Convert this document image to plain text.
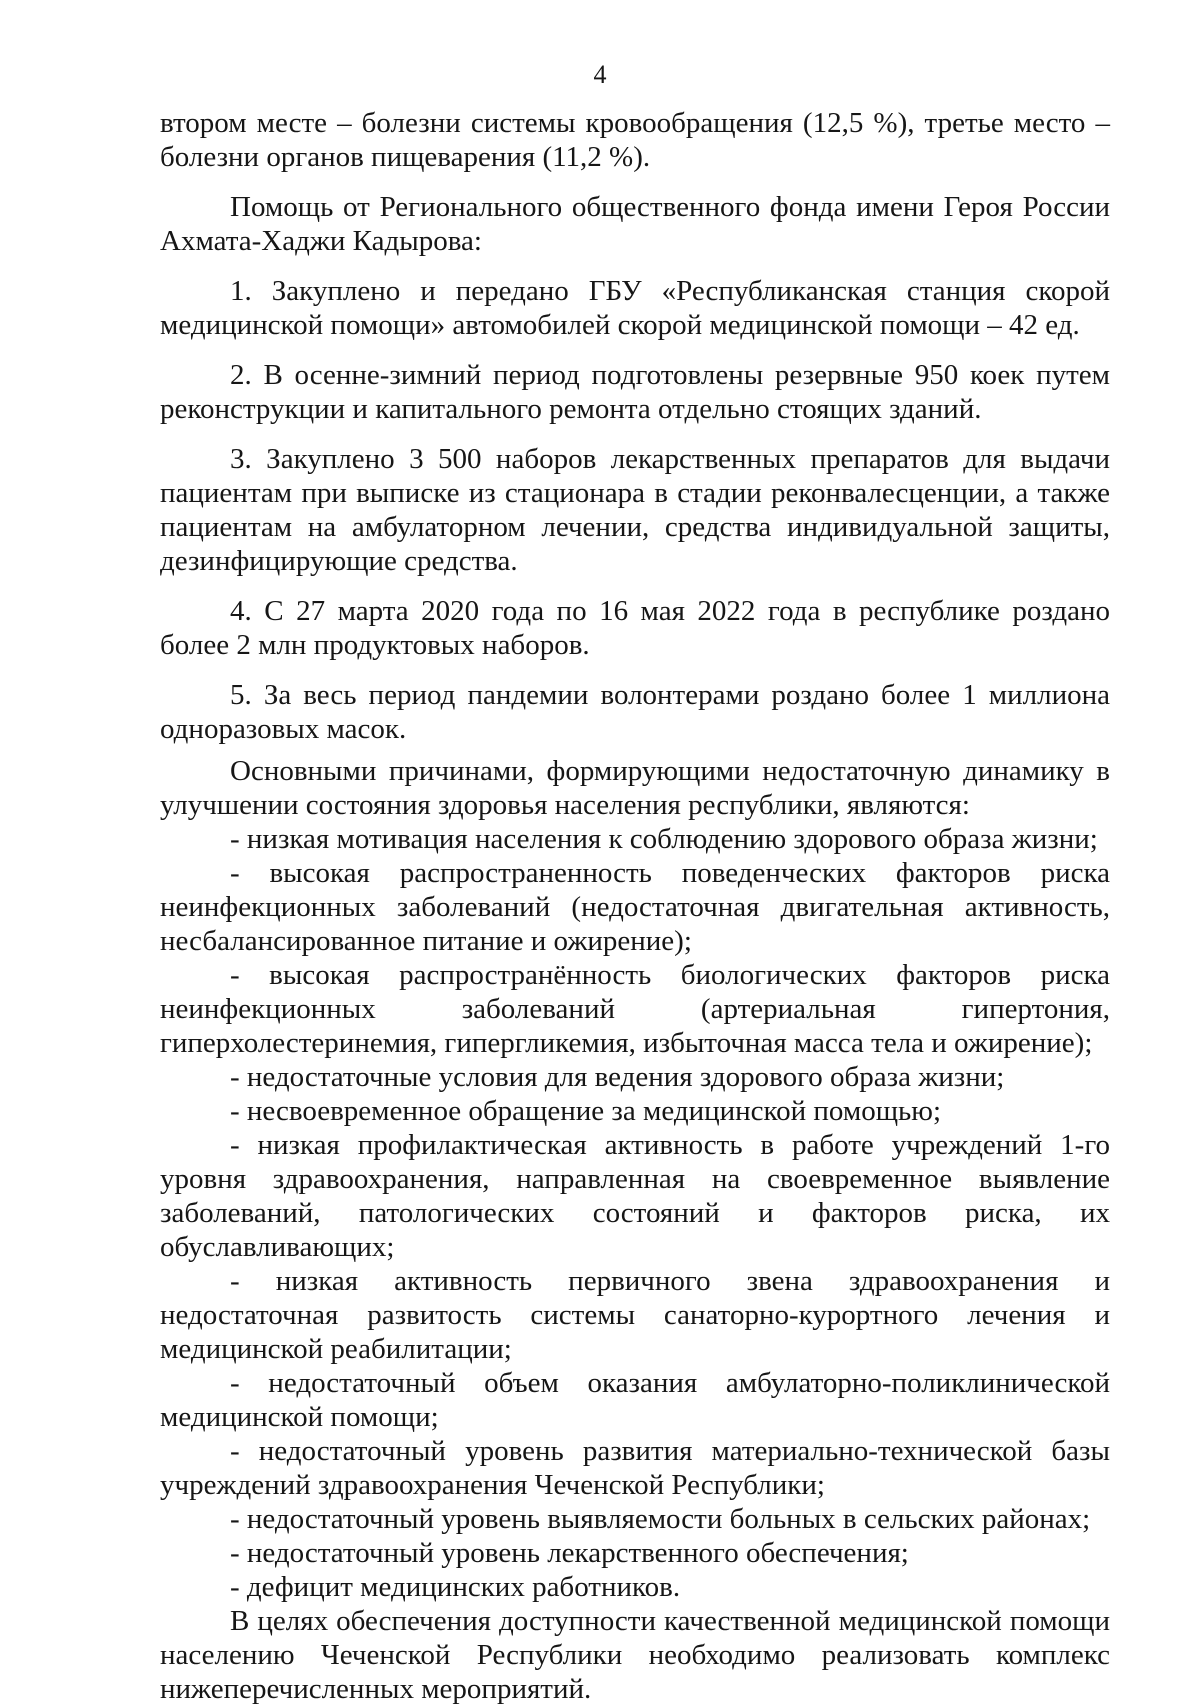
4

втором месте – болезни системы кровообращения (12,5 %), третье место – болезни органов пищеварения (11,2 %).

Помощь от Регионального общественного фонда имени Героя России Ахмата-Хаджи Кадырова:

1. Закуплено и передано ГБУ «Республиканская станция скорой медицинской помощи» автомобилей скорой медицинской помощи – 42 ед.

2. В осенне-зимний период подготовлены резервные 950 коек путем реконструкции и капитального ремонта отдельно стоящих зданий.

3. Закуплено 3 500 наборов лекарственных препаратов для выдачи пациентам при выписке из стационара в стадии реконвалесценции, а также пациентам на амбулаторном лечении, средства индивидуальной защиты, дезинфицирующие средства.

4. С 27 марта 2020 года по 16 мая 2022 года в республике роздано более 2 млн продуктовых наборов.

5. За весь период пандемии волонтерами роздано более 1 миллиона одноразовых масок.

Основными причинами, формирующими недостаточную динамику в улучшении состояния здоровья населения республики, являются:

- низкая мотивация населения к соблюдению здорового образа жизни;

- высокая распространенность поведенческих факторов риска неинфекционных заболеваний (недостаточная двигательная активность, несбалансированное питание и ожирение);

- высокая распространённость биологических факторов риска неинфекционных заболеваний (артериальная гипертония, гиперхолестеринемия, гипергликемия, избыточная масса тела и ожирение);

- недостаточные условия для ведения здорового образа жизни;

- несвоевременное обращение за медицинской помощью;

- низкая профилактическая активность в работе учреждений 1-го уровня здравоохранения, направленная на своевременное выявление заболеваний, патологических состояний и факторов риска, их обуславливающих;

- низкая активность первичного звена здравоохранения и недостаточная развитость системы санаторно-курортного лечения и медицинской реабилитации;

- недостаточный объем оказания амбулаторно-поликлинической медицинской помощи;

- недостаточный уровень развития материально-технической базы учреждений здравоохранения Чеченской Республики;

- недостаточный уровень выявляемости больных в сельских районах;

- недостаточный уровень лекарственного обеспечения;

- дефицит медицинских работников.

В целях обеспечения доступности качественной медицинской помощи населению Чеченской Республики необходимо реализовать комплекс нижеперечисленных мероприятий.
